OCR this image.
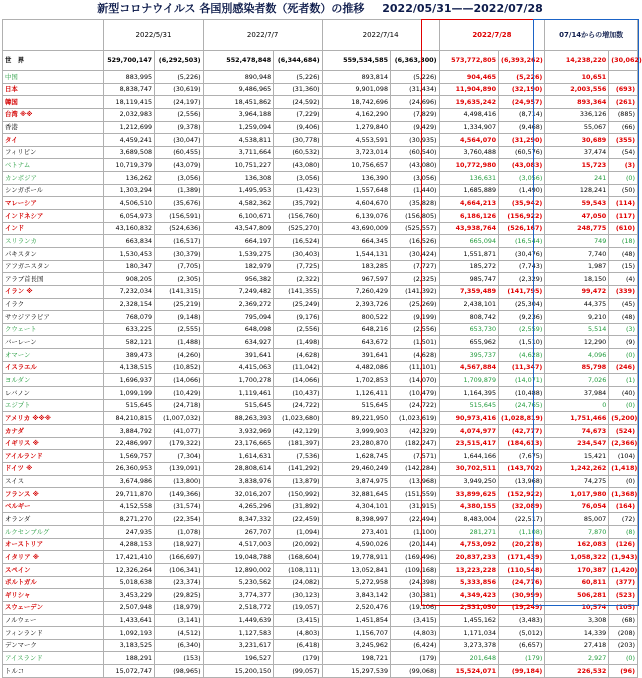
新型コロナウイルス 各国別感染者数（死者数）の推移 2022/05/31——2022/07/28
	2022/5/31		2022/7/7		2022/7/14		2022/7/28		07/14からの増加数	
世　界	529,700,147	(6,292,503)	552,478,848	(6,344,684)	559,534,585	(6,363,300)	573,772,805	(6,393,262)	14,238,220	(30,062)
中国	883,995	(5,226)	890,948	(5,226)	893,814	(5,226)	904,465	(5,226)	10,651	
日本	8,838,747	(30,619)	9,486,965	(31,360)	9,901,098	(31,434)	11,904,890	(32,190)	2,003,556	(693)
韓国	18,119,415	(24,197)	18,451,862	(24,592)	18,742,696	(24,696)	19,635,242	(24,957)	893,364	(261)
台湾 ※※	2,032,983	(2,556)	3,964,188	(7,229)	4,162,290	(7,829)	4,498,416	(8,714)	336,126	(885)
香港	1,212,699	(9,378)	1,259,094	(9,406)	1,279,840	(9,429)	1,334,907	(9,468)	55,067	(66)
タイ	4,459,241	(30,047)	4,538,811	(30,778)	4,553,591	(30,935)	4,564,070	(31,290)	30,689	(355)
フィリピン	3,689,508	(60,455)	3,711,664	(60,532)	3,723,014	(60,540)	3,760,488	(60,576)	37,474	(54)
ベトナム	10,719,379	(43,079)	10,751,227	(43,080)	10,756,657	(43,080)	10,772,980	(43,083)	15,723	(3)
カンボジア	136,262	(3,056)	136,308	(3,056)	136,390	(3,056)	136,631	(3,056)	241	(0)
シンガポール	1,303,294	(1,389)	1,495,953	(1,423)	1,557,648	(1,440)	1,685,889	(1,490)	128,241	(50)
マレーシア	4,506,510	(35,676)	4,582,362	(35,792)	4,604,670	(35,828)	4,664,213	(35,942)	59,543	(114)
インドネシア	6,054,973	(156,591)	6,100,671	(156,760)	6,139,076	(156,805)	6,186,126	(156,922)	47,050	(117)
インド	43,160,832	(524,636)	43,547,809	(525,270)	43,690,009	(525,557)	43,938,764	(526,167)	248,775	(610)
スリランカ	663,834	(16,517)	664,197	(16,524)	664,345	(16,526)	665,094	(16,544)	749	(18)
パキスタン	1,530,453	(30,379)	1,539,275	(30,403)	1,544,131	(30,424)	1,551,871	(30,476)	7,740	(48)
アフガニスタン	180,347	(7,705)	182,979	(7,725)	183,285	(7,727)	185,272	(7,743)	1,987	(15)
アラブ首長国	908,205	(2,305)	956,382	(2,322)	967,597	(2,325)	985,747	(2,329)	18,150	(4)
イラン ※	7,232,034	(141,315)	7,249,482	(141,355)	7,260,429	(141,392)	7,359,489	(141,795)	99,472	(339)
イラク	2,328,154	(25,219)	2,369,272	(25,249)	2,393,726	(25,269)	2,438,101	(25,304)	44,375	(45)
サウジアラビア	768,079	(9,148)	795,094	(9,176)	800,522	(9,199)	808,742	(9,236)	9,210	(48)
クウェート	633,225	(2,555)	648,098	(2,556)	648,216	(2,556)	653,730	(2,559)	5,514	(3)
バーレーン	582,121	(1,488)	634,927	(1,498)	643,672	(1,501)	655,962	(1,510)	12,290	(9)
オマーン	389,473	(4,260)	391,641	(4,628)	391,641	(4,628)	395,737	(4,628)	4,096	(0)
イスラエル	4,138,515	(10,852)	4,415,063	(11,042)	4,482,086	(11,101)	4,567,884	(11,347)	85,798	(246)
ヨルダン	1,696,937	(14,066)	1,700,278	(14,066)	1,702,853	(14,070)	1,709,879	(14,071)	7,026	(1)
レバノン	1,099,199	(10,429)	1,119,461	(10,437)	1,126,411	(10,479)	1,164,395	(10,488)	37,984	(40)
エジプト	515,645	(24,718)	515,645	(24,722)	515,645	(24,722)	515,645	(24,765)	0	(0)
アメリカ ※※※	84,210,815	(1,007,032)	88,263,393	(1,023,680)	89,221,950	(1,023,619)	90,973,416	(1,028,819)	1,751,466	(5,200)
カナダ	3,884,792	(41,077)	3,932,969	(42,129)	3,999,903	(42,329)	4,074,977	(42,777)	74,673	(524)
イギリス ※	22,486,997	(179,322)	23,176,665	(181,397)	23,280,870	(182,247)	23,515,417	(184,613)	234,547	(2,366)
アイルランド	1,569,757	(7,304)	1,614,631	(7,536)	1,628,745	(7,571)	1,644,166	(7,675)	15,421	(104)
ドイツ ※	26,360,953	(139,091)	28,808,614	(141,292)	29,460,249	(142,284)	30,702,511	(143,702)	1,242,262	(1,418)
スイス	3,674,986	(13,800)	3,838,976	(13,879)	3,874,975	(13,968)	3,949,250	(13,968)	74,275	(0)
フランス ※	29,711,870	(149,366)	32,016,207	(150,992)	32,881,645	(151,559)	33,899,625	(152,922)	1,017,980	(1,368)
ベルギー	4,152,558	(31,574)	4,265,296	(31,892)	4,304,101	(31,915)	4,380,155	(32,089)	76,054	(164)
オランダ	8,271,270	(22,354)	8,347,332	(22,459)	8,398,997	(22,494)	8,483,004	(22,517)	85,007	(72)
ルクセンブルグ	247,935	(1,078)	267,707	(1,094)	273,401	(1,100)	281,271	(1,108)	7,870	(8)
オーストリア	4,288,153	(18,927)	4,517,003	(20,092)	4,590,026	(20,144)	4,753,092	(20,278)	162,083	(126)
イタリア ※	17,421,410	(166,697)	19,048,788	(168,604)	19,778,911	(169,496)	20,837,233	(171,439)	1,058,322	(1,943)
スペイン	12,326,264	(106,341)	12,890,002	(108,111)	13,052,841	(109,168)	13,223,228	(110,548)	170,387	(1,420)
ポルトガル	5,018,638	(23,374)	5,230,562	(24,082)	5,272,958	(24,398)	5,333,856	(24,776)	60,811	(377)
ギリシャ	3,453,229	(29,825)	3,774,377	(30,123)	3,843,142	(30,381)	4,349,423	(30,999)	506,281	(523)
スウェーデン	2,507,948	(18,979)	2,518,772	(19,057)	2,520,476	(19,106)	2,531,050	(19,249)	10,574	(105)
ノルウェー	1,433,641	(3,141)	1,449,639	(3,415)	1,451,854	(3,415)	1,455,162	(3,483)	3,308	(68)
フィンランド	1,092,193	(4,512)	1,127,583	(4,803)	1,156,707	(4,803)	1,171,034	(5,012)	14,339	(208)
デンマーク	3,183,525	(6,340)	3,231,617	(6,418)	3,245,962	(6,424)	3,273,378	(6,657)	27,418	(203)
アイスランド	188,291	(153)	196,527	(179)	198,721	(179)	201,648	(179)	2,927	(0)
トルコ	15,072,747	(98,965)	15,200,150	(99,057)	15,297,539	(99,068)	15,524,071	(99,184)	226,532	(96)
